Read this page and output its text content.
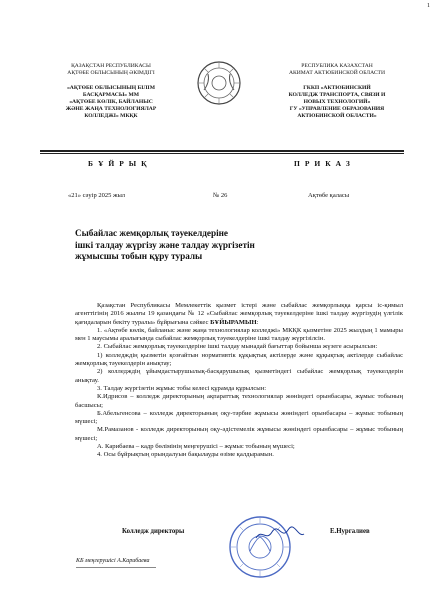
1
ҚАЗАҚСТАН РЕСПУБЛИКАСЫ
АҚТӨБЕ ОБЛЫСЫНЫҢ ӘКІМДІГІ
«АҚТӨБЕ ОБЛЫСЫНЫҢ БІЛІМ
БАСҚАРМАСЫ» ММ
«АҚТӨБЕ КӨЛІК, БАЙЛАНЫС
ЖӘНЕ ЖАҢА ТЕХНОЛОГИЯЛАР
КОЛЛЕДЖІ» МКҚК
РЕСПУБЛИКА КАЗАХСТАН
АКИМАТ АКТЮБИНСКОЙ ОБЛАСТИ
ГККП «АКТЮБИНСКИЙ
КОЛЛЕДЖ ТРАНСПОРТА, СВЯЗИ И
НОВЫХ ТЕХНОЛОГИЙ»
ГУ «УПРАВЛЕНИЕ ОБРАЗОВАНИЯ
АКТЮБИНСКОЙ ОБЛАСТИ»
БҰЙРЫҚ	ПРИКАЗ
«21» сәуір 2025 жыл	№ 26	Ақтөбе қаласы
Сыбайлас жемқорлық тәуекелдеріне
ішкі талдау жүргізу және талдау жүргізетін
жұмысшы тобын құру туралы

Қазақстан Республикасы Мемлекеттік қызмет істері және сыбайлас жемқорлыққа қарсы іс-қимыл агенттігінің 2016 жылғы 19 қазандағы № 12 «Сыбайлас жемқорлық тәуекелдеріне ішкі талдау жүргізудің үлгілік қағидаларын бекіту туралы» бұйрығына сәйкес БҰЙЫРАМЫН:

1. «Ақтөбе көлік, байланыс және жаңа технологиялар колледжі» МКҚК қызметіне 2025 жылдың 1 мамыры мен 1 маусымы аралығында сыбайлас жемқорлық тәуекелдеріне ішкі талдау жүргізілсін.

2. Сыбайлас жемқорлық тәуекелдеріне ішкі талдау мынадай бағыттар бойынша жүзеге асырылсын:

1) колледждің қызметін қозғайтын нормативтік құқықтық актілерде және құқықтық актілерде сыбайлас жемқорлық тәуекелдерін анықтау;

2) колледждің ұйымдастырушылық-басқарушылық қызметіндегі сыбайлас жемқорлық тәуекелдерін анықтау.

3. Талдау жүргізетін жұмыс тобы келесі құрамда құрылсын:

К.Идрисов – колледж директорының ақпараттық технологиялар жөніндегі орынбасары, жұмыс тобының басшысы;

Б.Абельгенсова – колледж директорының оқу-тәрбие жұмысы жөніндегі орынбасары – жұмыс тобының мүшесі;

М.Рамазанов - колледж директорының оқу-әдістемелік жұмысы жөніндегі орынбасары – жұмыс тобының мүшесі;

А. Карибаева – кадр бөлімінің меңгерушісі – жұмыс тобының мүшесі;

4. Осы бұйрықтың орындалуын бақылауды өзіме қалдырамын.

Колледж директоры	Е.Нургалиев
КБ меңгерушісі А.Карибаева
